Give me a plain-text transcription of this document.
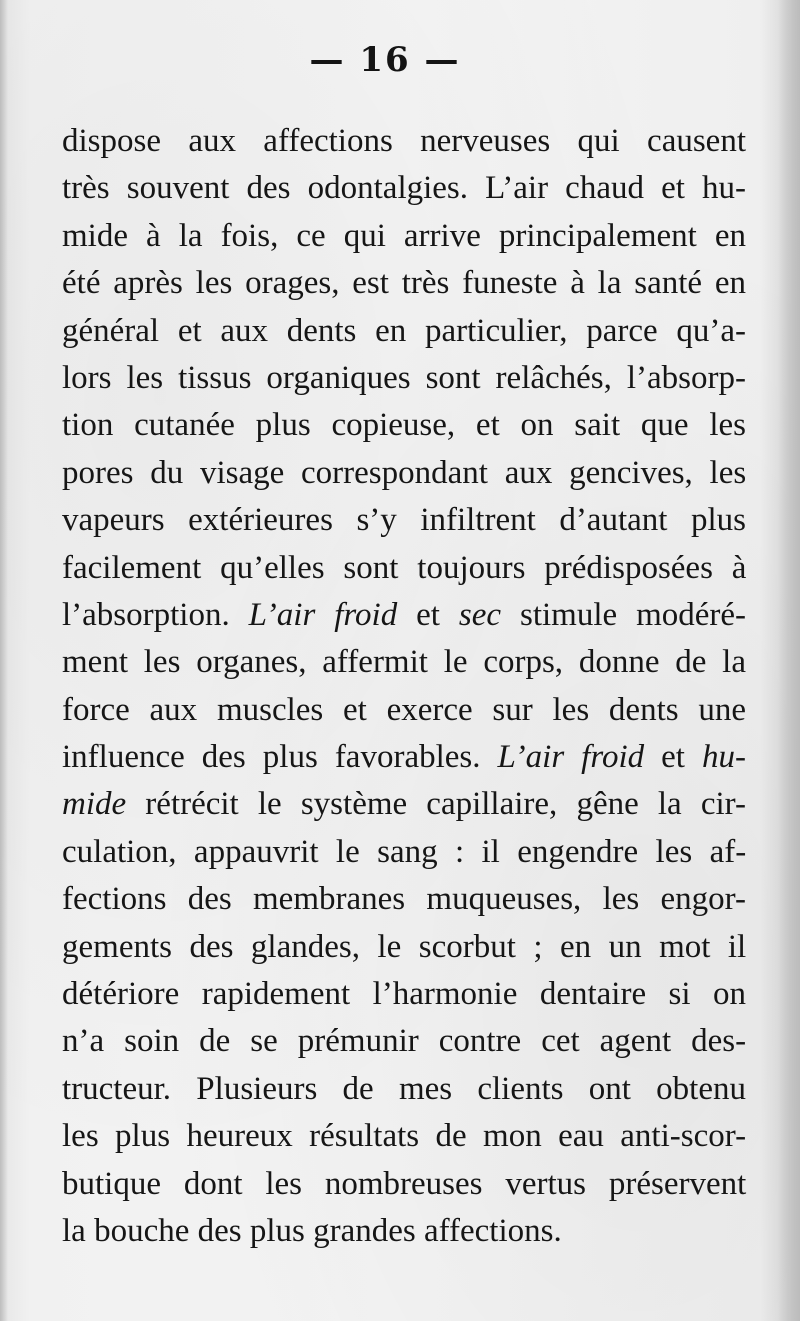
— 16 —
dispose aux affections nerveuses qui causent
très souvent des odontalgies. L’air chaud et hu-
mide à la fois, ce qui arrive principalement en
été après les orages, est très funeste à la santé en
général et aux dents en particulier, parce qu’a-
lors les tissus organiques sont relâchés, l’absorp-
tion cutanée plus copieuse, et on sait que les
pores du visage correspondant aux gencives, les
vapeurs extérieures s’y infiltrent d’autant plus
facilement qu’elles sont toujours prédisposées à
l’absorption. L’air froid et sec stimule modéré-
ment les organes, affermit le corps, donne de la
force aux muscles et exerce sur les dents une
influence des plus favorables. L’air froid et hu-
mide rétrécit le système capillaire, gêne la cir-
culation, appauvrit le sang : il engendre les af-
fections des membranes muqueuses, les engor-
gements des glandes, le scorbut ; en un mot il
détériore rapidement l’harmonie dentaire si on
n’a soin de se prémunir contre cet agent des-
tructeur. Plusieurs de mes clients ont obtenu
les plus heureux résultats de mon eau anti-scor-
butique dont les nombreuses vertus préservent
la bouche des plus grandes affections.
